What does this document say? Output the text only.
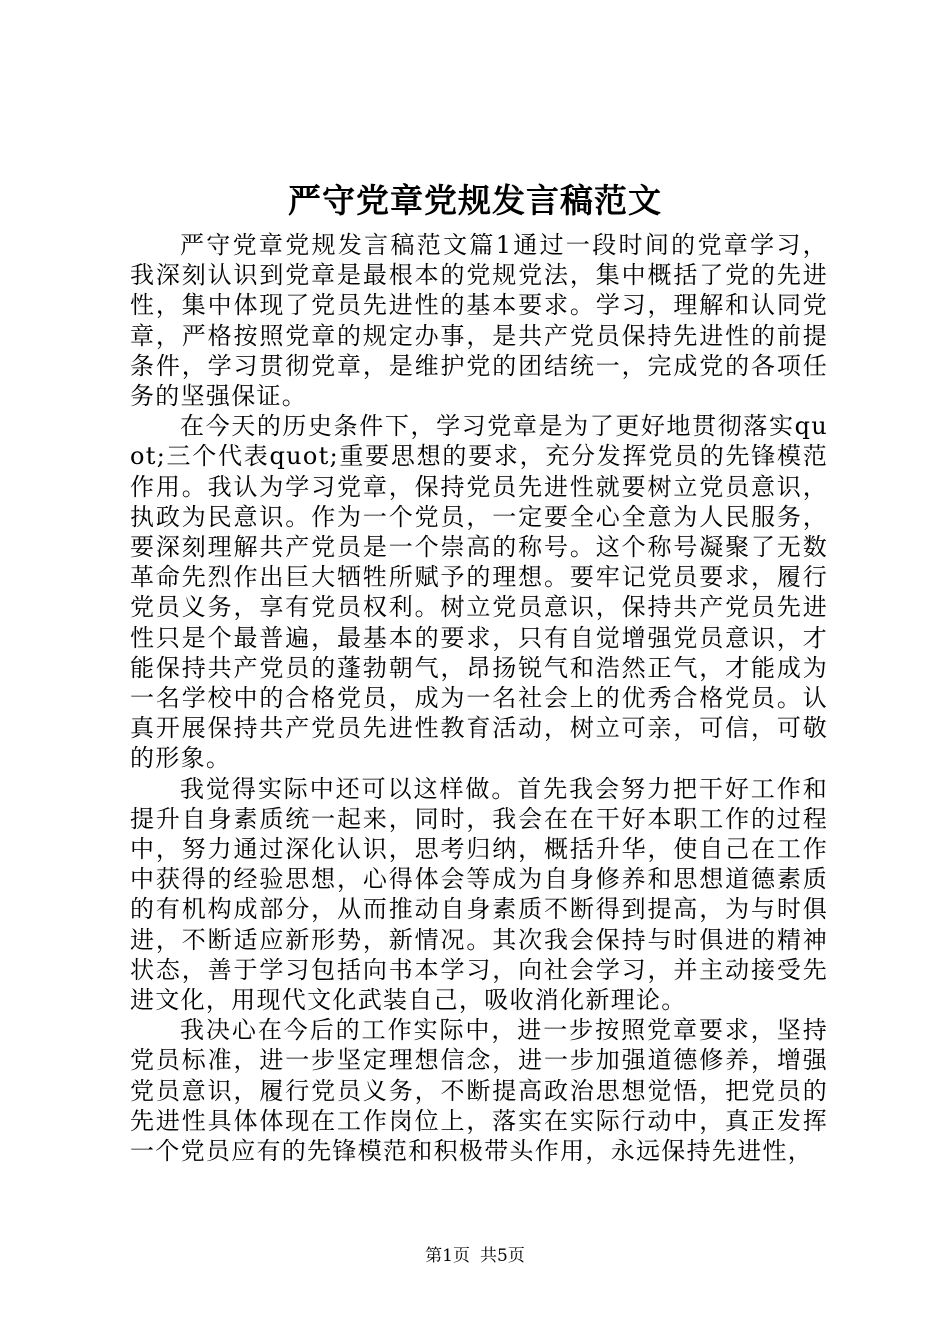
严守党章党规发言稿范文

严守党章党规发言稿范文篇1通过一段时间的党章学习，我深刻认识到党章是最根本的党规党法，集中概括了党的先进性，集中体现了党员先进性的基本要求。学习，理解和认同党章，严格按照党章的规定办事，是共产党员保持先进性的前提条件，学习贯彻党章，是维护党的团结统一，完成党的各项任务的坚强保证。

在今天的历史条件下，学习党章是为了更好地贯彻落实quot;三个代表quot;重要思想的要求，充分发挥党员的先锋模范作用。我认为学习党章，保持党员先进性就要树立党员意识，执政为民意识。作为一个党员，一定要全心全意为人民服务，要深刻理解共产党员是一个崇高的称号。这个称号凝聚了无数革命先烈作出巨大牺牲所赋予的理想。要牢记党员要求，履行党员义务，享有党员权利。树立党员意识，保持共产党员先进性只是个最普遍，最基本的要求，只有自觉增强党员意识，才能保持共产党员的蓬勃朝气，昂扬锐气和浩然正气，才能成为一名学校中的合格党员，成为一名社会上的优秀合格党员。认真开展保持共产党员先进性教育活动，树立可亲，可信，可敬的形象。

我觉得实际中还可以这样做。首先我会努力把干好工作和提升自身素质统一起来，同时，我会在在干好本职工作的过程中，努力通过深化认识，思考归纳，概括升华，使自己在工作中获得的经验思想，心得体会等成为自身修养和思想道德素质的有机构成部分，从而推动自身素质不断得到提高，为与时俱进，不断适应新形势，新情况。其次我会保持与时俱进的精神状态，善于学习包括向书本学习，向社会学习，并主动接受先进文化，用现代文化武装自己，吸收消化新理论。

我决心在今后的工作实际中，进一步按照党章要求，坚持党员标准，进一步坚定理想信念，进一步加强道德修养，增强党员意识，履行党员义务，不断提高政治思想觉悟，把党员的先进性具体体现在工作岗位上，落实在实际行动中，真正发挥一个党员应有的先锋模范和积极带头作用，永远保持先进性，

第1页 共5页
